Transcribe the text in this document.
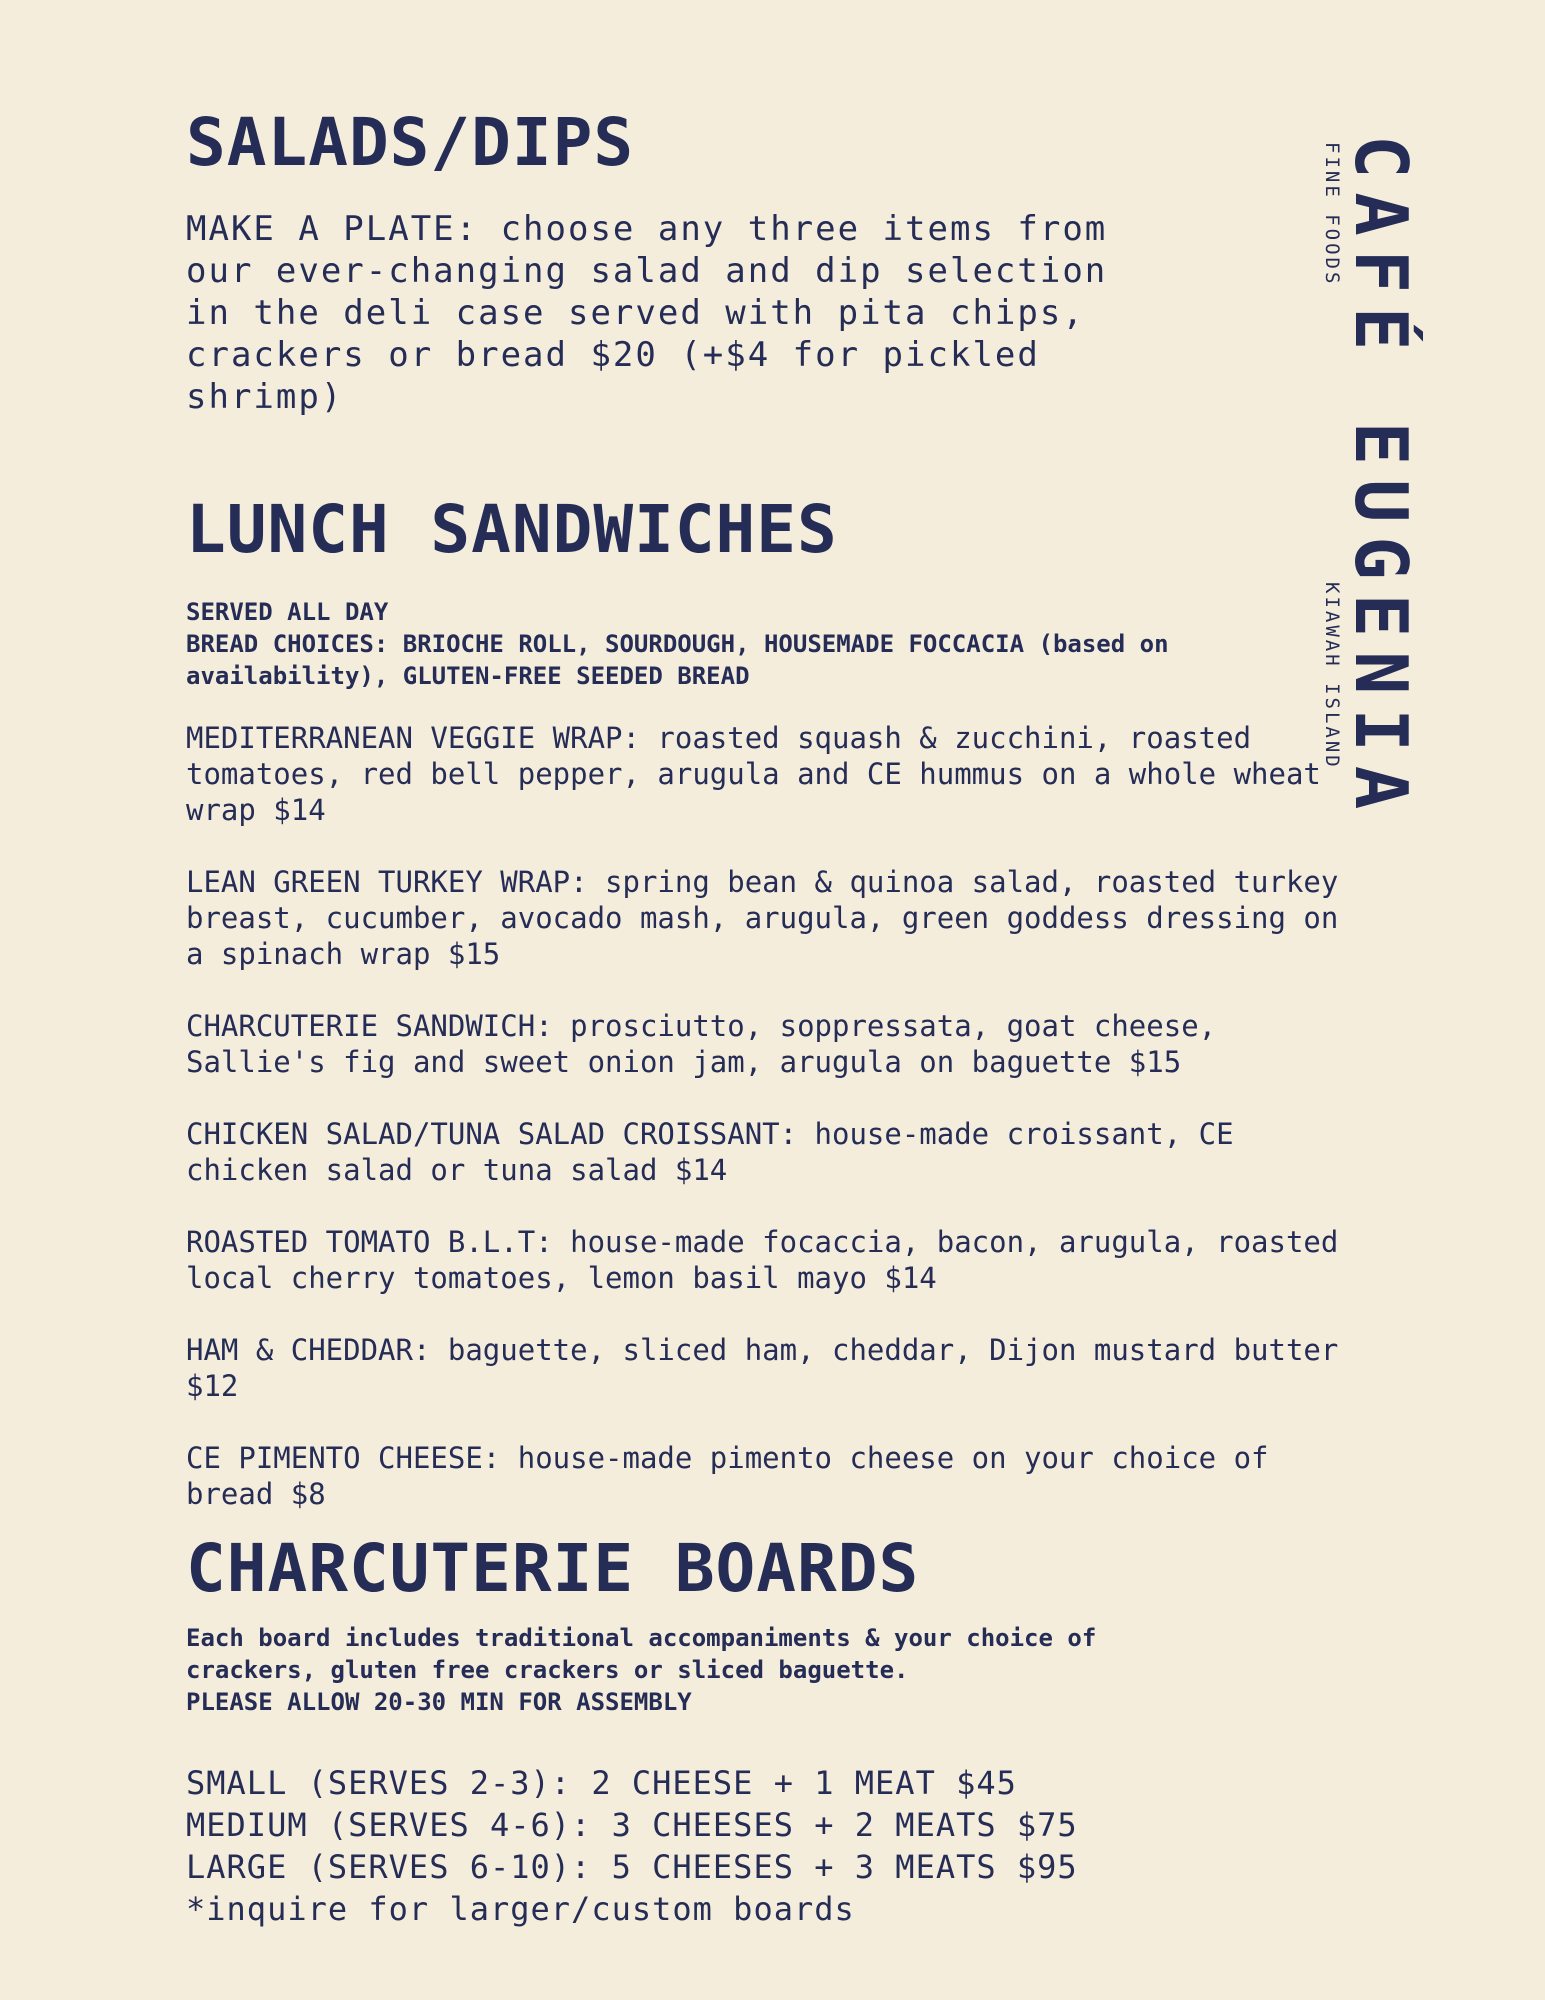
SALADS/DIPS
MAKE A PLATE: choose any three items from our ever-changing salad and dip selection in the deli case served with pita chips, crackers or bread $20 (+$4 for pickled shrimp)
LUNCH SANDWICHES
SERVED ALL DAY
BREAD CHOICES: BRIOCHE ROLL, SOURDOUGH, HOUSEMADE FOCCACIA (based on availability), GLUTEN-FREE SEEDED BREAD
MEDITERRANEAN VEGGIE WRAP: roasted squash & zucchini, roasted tomatoes, red bell pepper, arugula and CE hummus on a whole wheat wrap $14
LEAN GREEN TURKEY WRAP: spring bean & quinoa salad, roasted turkey breast, cucumber, avocado mash, arugula, green goddess dressing on a spinach wrap $15
CHARCUTERIE SANDWICH: prosciutto, soppressata, goat cheese, Sallie's fig and sweet onion jam, arugula on baguette $15
CHICKEN SALAD/TUNA SALAD CROISSANT: house-made croissant, CE chicken salad or tuna salad $14
ROASTED TOMATO B.L.T: house-made focaccia, bacon, arugula, roasted local cherry tomatoes, lemon basil mayo $14
HAM & CHEDDAR: baguette, sliced ham, cheddar, Dijon mustard butter $12
CE PIMENTO CHEESE: house-made pimento cheese on your choice of bread $8
CHARCUTERIE BOARDS
Each board includes traditional accompaniments & your choice of crackers, gluten free crackers or sliced baguette.
PLEASE ALLOW 20-30 MIN FOR ASSEMBLY
SMALL (SERVES 2-3): 2 CHEESE + 1 MEAT $45
MEDIUM (SERVES 4-6): 3 CHEESES + 2 MEATS $75
LARGE (SERVES 6-10): 5 CHEESES + 3 MEATS $95
*inquire for larger/custom boards
CAFÉ EUGENIA
FINE FOODS
KIAWAH ISLAND
